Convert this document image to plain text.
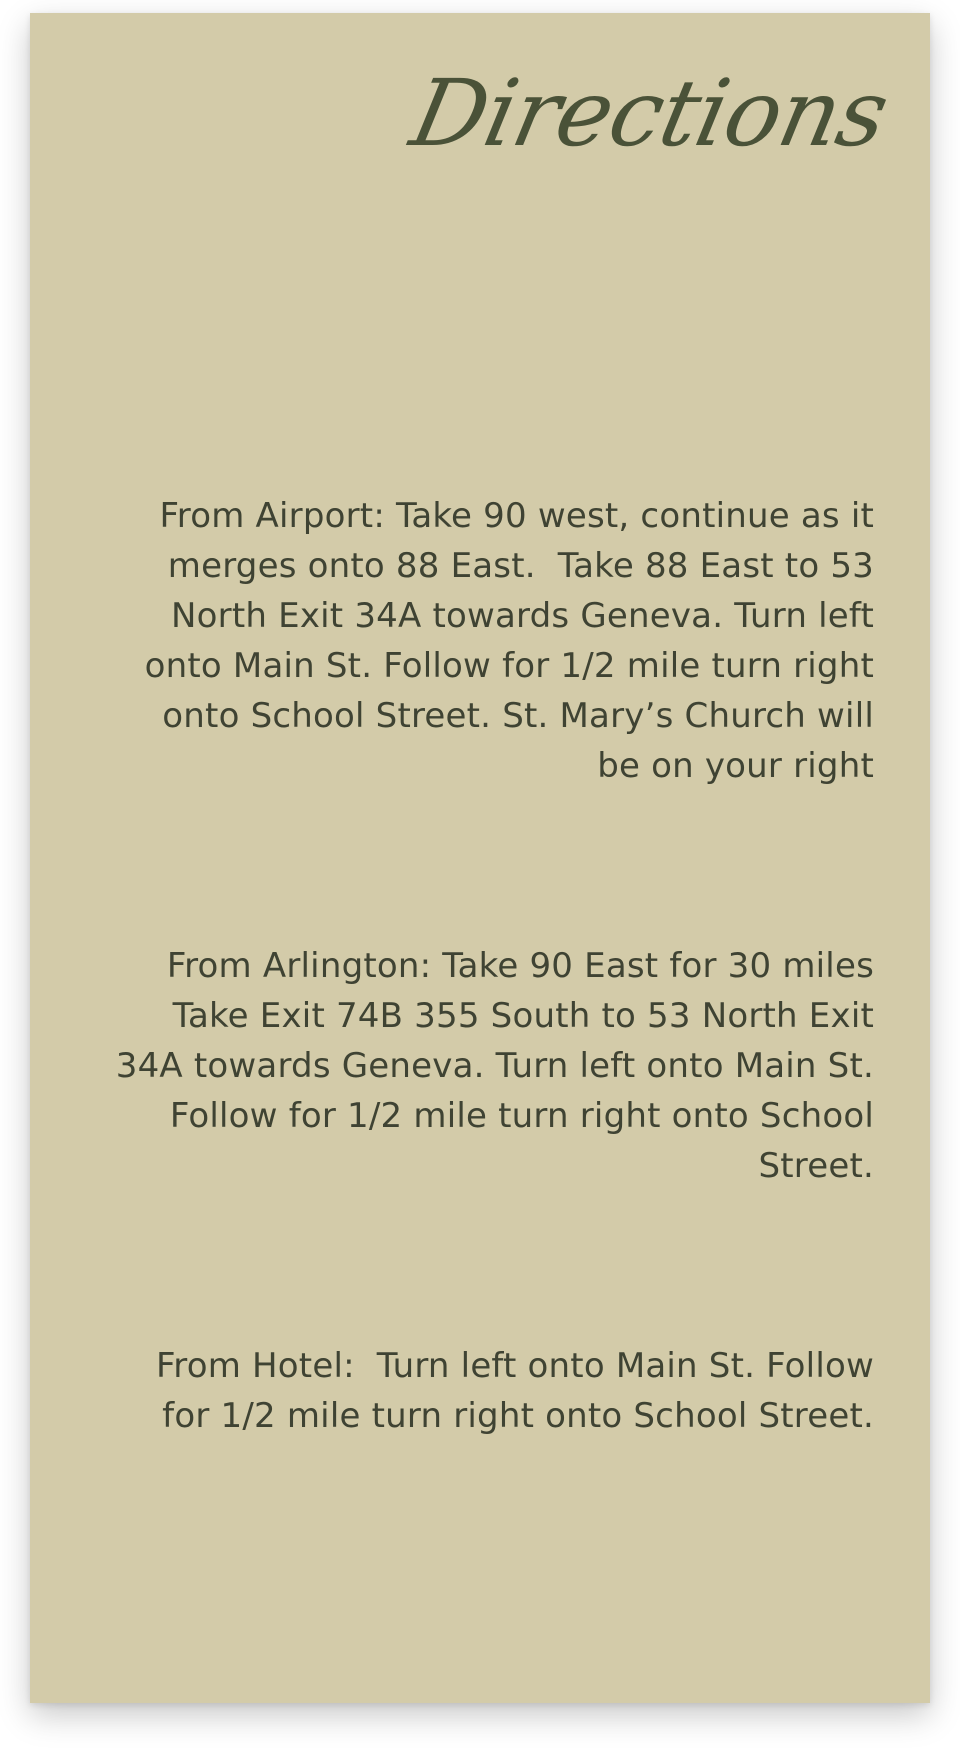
Directions

From Airport: Take 90 west, continue as it
merges onto 88 East.  Take 88 East to 53
North Exit 34A towards Geneva. Turn left
onto Main St. Follow for 1/2 mile turn right
onto School Street. St. Mary’s Church will
be on your right

From Arlington: Take 90 East for 30 miles
Take Exit 74B 355 South to 53 North Exit
34A towards Geneva. Turn left onto Main St.
Follow for 1/2 mile turn right onto School
Street.

From Hotel:  Turn left onto Main St. Follow
for 1/2 mile turn right onto School Street.
